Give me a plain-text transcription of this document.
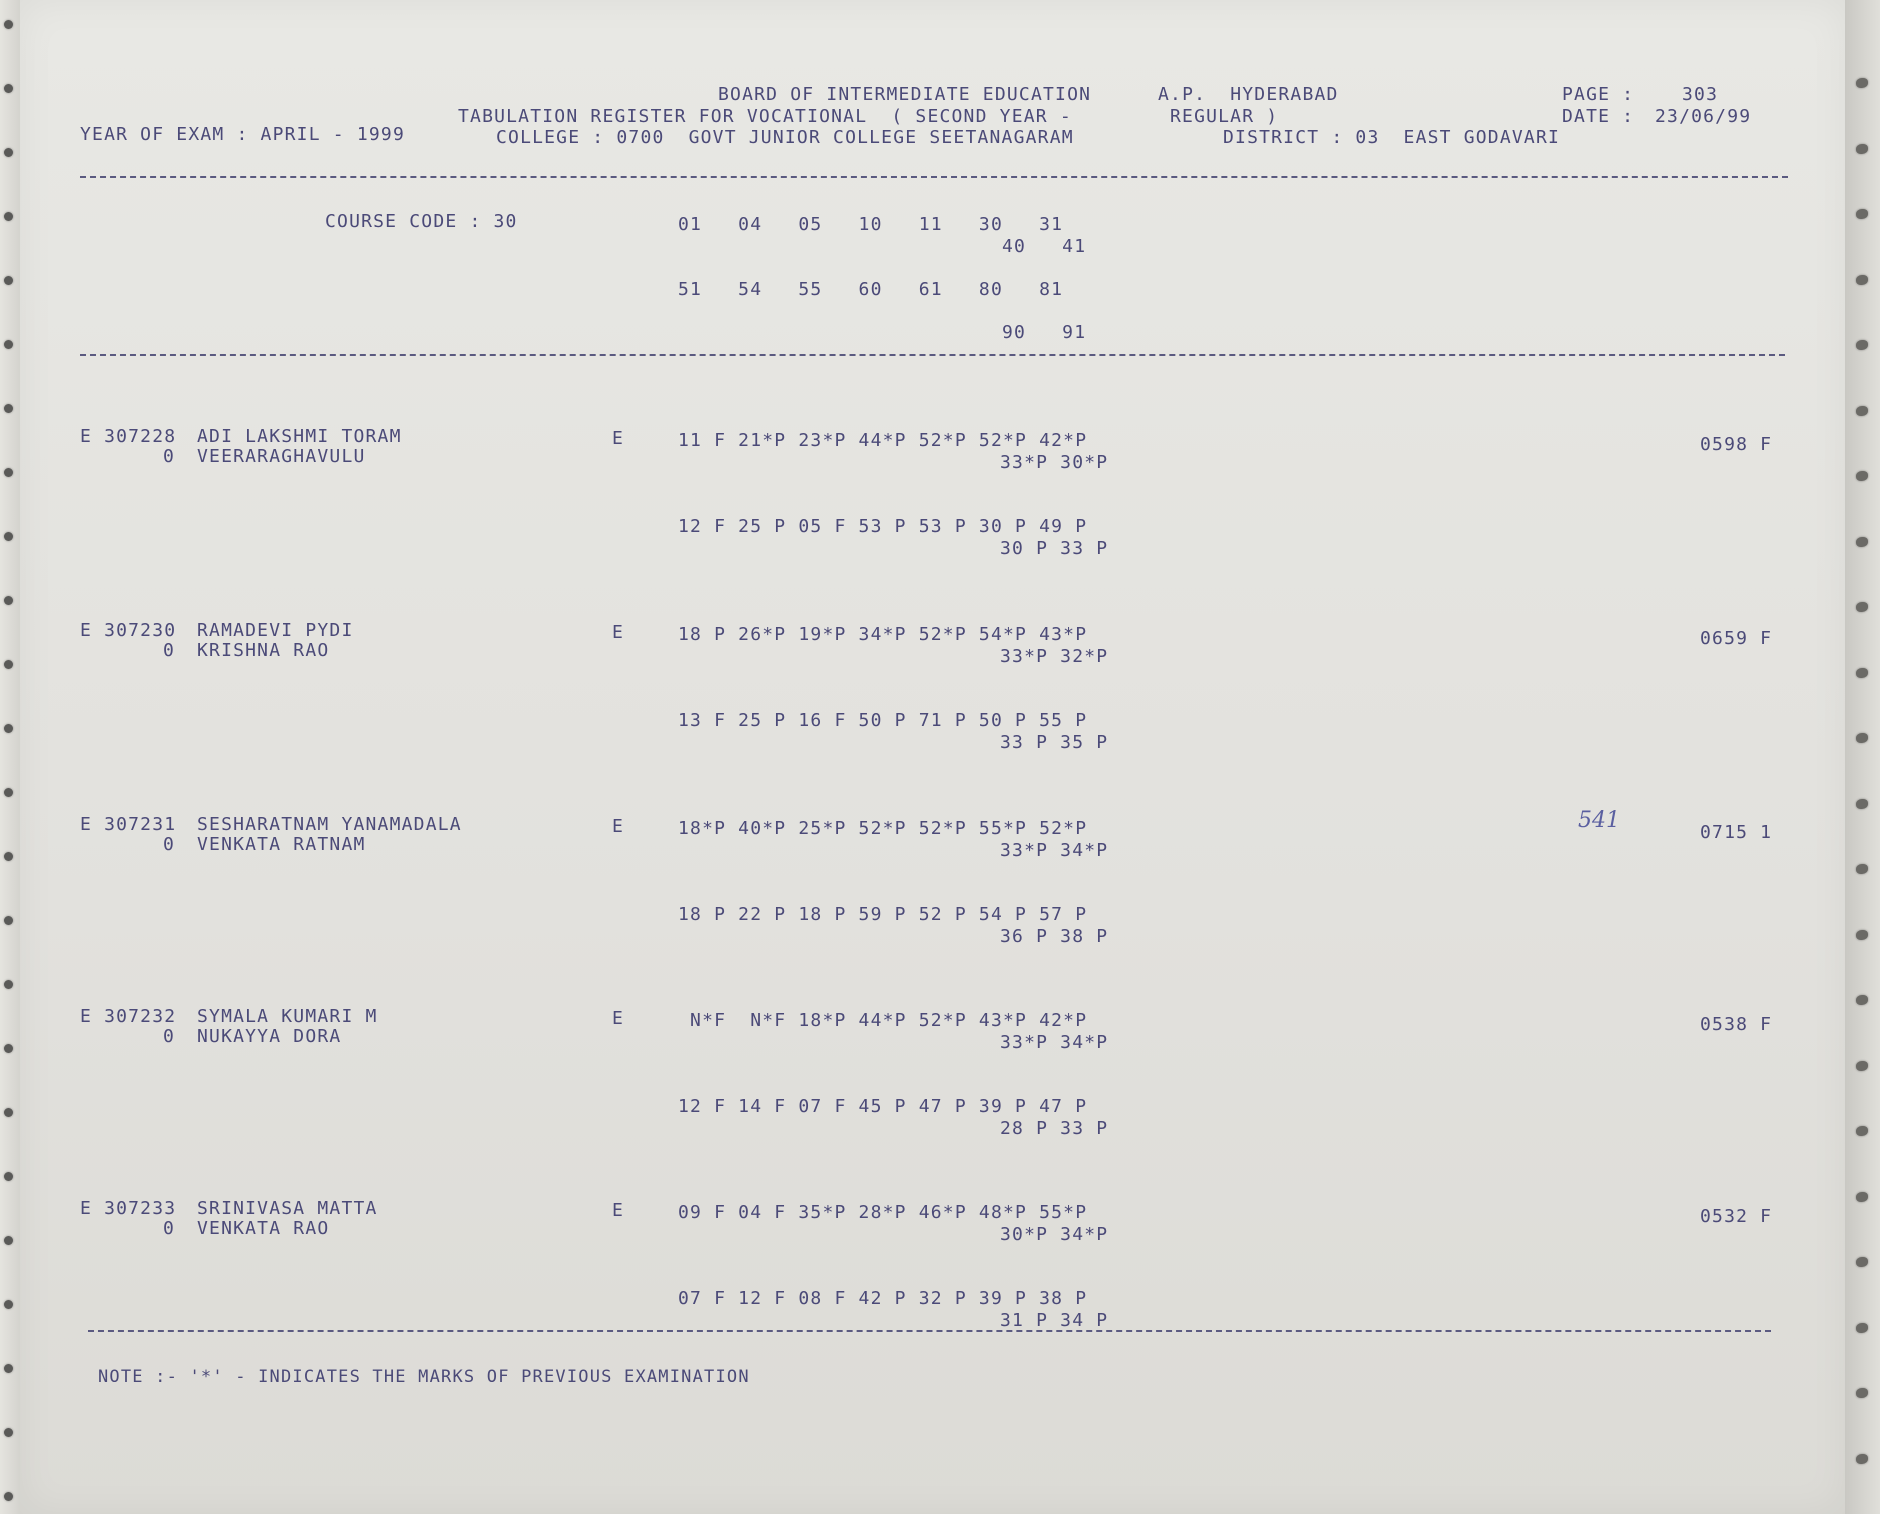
BOARD OF INTERMEDIATE EDUCATION	A.P.  HYDERABAD	PAGE :	303
TABULATION REGISTER FOR VOCATIONAL  ( SECOND YEAR -	REGULAR )	DATE : 23/06/99
YEAR OF EXAM : APRIL - 1999	COLLEGE : 0700  GOVT JUNIOR COLLEGE SEETANAGARAM	DISTRICT : 03  EAST GODAVARI
COURSE CODE : 30	01   04   05   10   11   30   31
40   41
51   54   55   60   61   80   81
90   91
E 307228 ADI LAKSHMI TORAM
0 VEERARAGHAVULU
E	11 F 21*P 23*P 44*P 52*P 52*P 42*P
33*P 30*P
12 F 25 P 05 F 53 P 53 P 30 P 49 P
30 P 33 P
0598 F
E 307230 RAMADEVI PYDI
0 KRISHNA RAO
E	18 P 26*P 19*P 34*P 52*P 54*P 43*P
33*P 32*P
13 F 25 P 16 F 50 P 71 P 50 P 55 P
33 P 35 P
0659 F
E 307231 SESHARATNAM YANAMADALA
0 VENKATA RATNAM
E	18*P 40*P 25*P 52*P 52*P 55*P 52*P
33*P 34*P
18 P 22 P 18 P 59 P 52 P 54 P 57 P
36 P 38 P
0715 1
E 307232 SYMALA KUMARI M
0 NUKAYYA DORA
E	N*F  N*F 18*P 44*P 52*P 43*P 42*P
33*P 34*P
12 F 14 F 07 F 45 P 47 P 39 P 47 P
28 P 33 P
0538 F
E 307233 SRINIVASA MATTA
0 VENKATA RAO
E	09 F 04 F 35*P 28*P 46*P 48*P 55*P
30*P 34*P
07 F 12 F 08 F 42 P 32 P 39 P 38 P
31 P 34 P
0532 F
541
NOTE :- '*' - INDICATES THE MARKS OF PREVIOUS EXAMINATION
